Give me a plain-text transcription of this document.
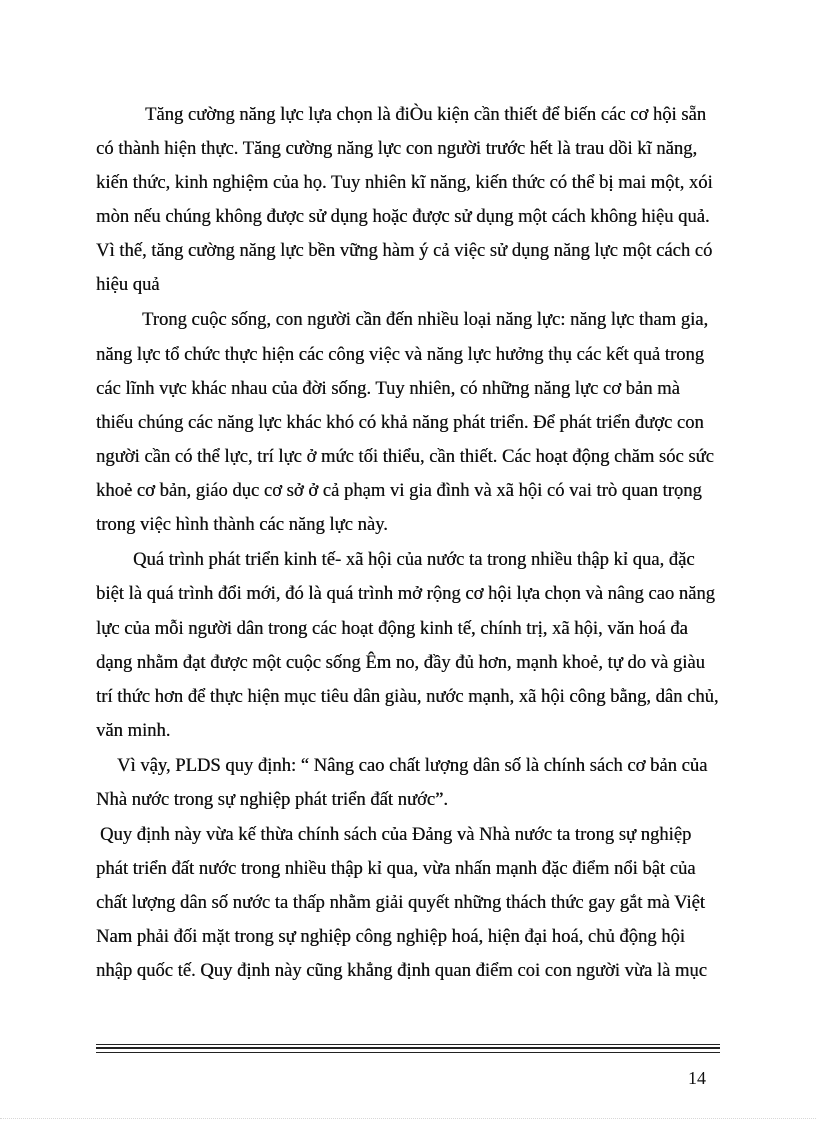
Tăng cường năng lực lựa chọn là điÒu kiện cần thiết để biến các cơ hội sẵn
có thành hiện thực. Tăng cường năng lực con người trước hết là trau dồi kĩ năng,
kiến thức, kinh nghiệm của họ. Tuy nhiên kĩ năng, kiến thức có thể bị mai một, xói
mòn nếu chúng không được sử dụng hoặc được sử dụng một cách không hiệu quả.
Vì thế, tăng cường năng lực bền vững hàm ý cả việc sử dụng năng lực một cách có
hiệu quả
Trong cuộc sống, con người cần đến nhiều loại năng lực: năng lực tham gia,
năng lực tổ chức thực hiện các công việc và năng lực hưởng thụ các kết quả trong
các lĩnh vực khác nhau của đời sống. Tuy nhiên, có những năng lực cơ bản mà
thiếu chúng các năng lực khác khó có khả năng phát triển. Để phát triển được con
người cần có thể lực, trí lực ở mức tối thiểu, cần thiết. Các hoạt động chăm sóc sức
khoẻ cơ bản, giáo dục cơ sở ở cả phạm vi gia đình và xã hội có vai trò quan trọng
trong việc hình thành các năng lực này.
Quá trình phát triển kinh tế- xã hội của nước ta trong nhiều thập kỉ qua, đặc
biệt là quá trình đổi mới, đó là quá trình mở rộng cơ hội lựa chọn và nâng cao năng
lực của mỗi người dân trong các hoạt động kinh tế, chính trị, xã hội, văn hoá đa
dạng nhằm đạt được một cuộc sống Êm no, đầy đủ hơn, mạnh khoẻ, tự do và giàu
trí thức hơn để thực hiện mục tiêu dân giàu, nước mạnh, xã hội công bằng, dân chủ,
văn minh.
Vì vậy, PLDS quy định: “ Nâng cao chất lượng dân số là chính sách cơ bản của
Nhà nước trong sự nghiệp phát triển đất nước”.
Quy định này vừa kế thừa chính sách của Đảng và Nhà nước ta trong sự nghiệp
phát triển đất nước trong nhiều thập kỉ qua, vừa nhấn mạnh đặc điểm nổi bật của
chất lượng dân số nước ta thấp nhằm giải quyết những thách thức gay gắt mà Việt
Nam phải đối mặt trong sự nghiệp công nghiệp hoá, hiện đại hoá, chủ động hội
nhập quốc tế. Quy định này cũng khẳng định quan điểm coi con người vừa là mục
14
